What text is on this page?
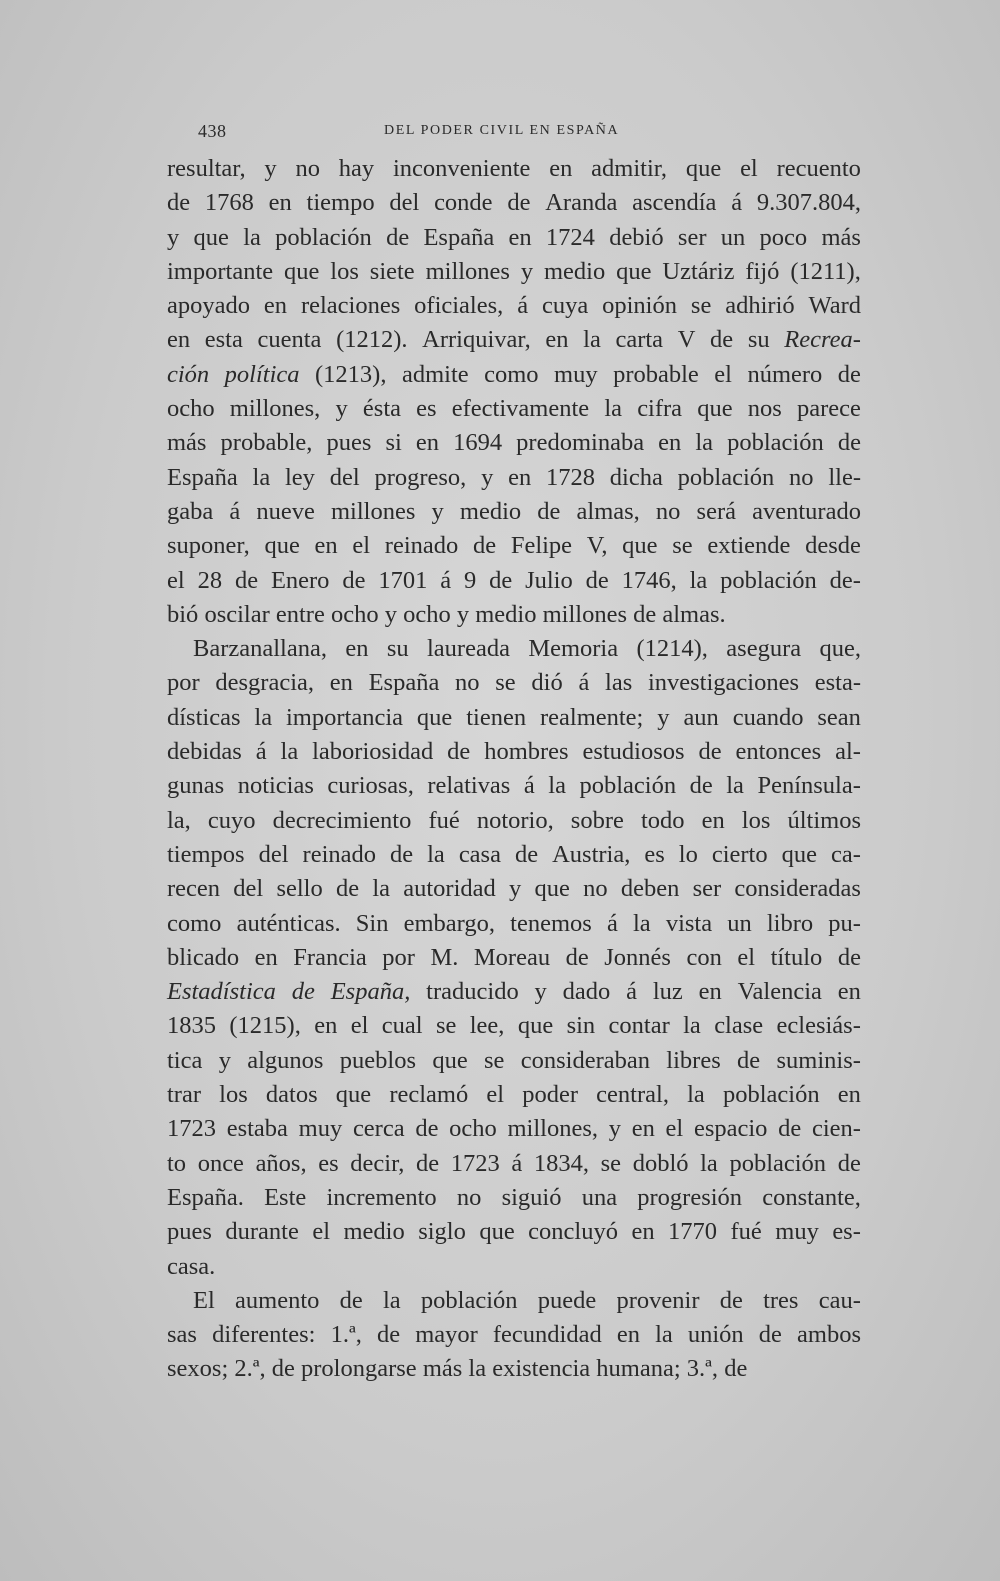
438	DEL PODER CIVIL EN ESPAÑA
resultar, y no hay inconveniente en admitir, que el recuento
de 1768 en tiempo del conde de Aranda ascendía á 9.307.804,
y que la población de España en 1724 debió ser un poco más
importante que los siete millones y medio que Uztáriz fijó (1211),
apoyado en relaciones oficiales, á cuya opinión se adhirió Ward
en esta cuenta (1212). Arriquivar, en la carta V de su Recrea-
ción política (1213), admite como muy probable el número de
ocho millones, y ésta es efectivamente la cifra que nos parece
más probable, pues si en 1694 predominaba en la población de
España la ley del progreso, y en 1728 dicha población no lle-
gaba á nueve millones y medio de almas, no será aventurado
suponer, que en el reinado de Felipe V, que se extiende desde
el 28 de Enero de 1701 á 9 de Julio de 1746, la población de-
bió
oscilar
entre
ocho
y
ocho
y
medio
millones
de
almas.
Barzanallana, en su laureada Memoria (1214), asegura que,
por desgracia, en España no se dió á las investigaciones esta-
dísticas la importancia que tienen realmente; y aun cuando sean
debidas á la laboriosidad de hombres estudiosos de entonces al-
gunas noticias curiosas, relativas á la población de la Península-
la, cuyo decrecimiento fué notorio, sobre todo en los últimos
tiempos del reinado de la casa de Austria, es lo cierto que ca-
recen del sello de la autoridad y que no deben ser consideradas
como auténticas. Sin embargo, tenemos á la vista un libro pu-
blicado en Francia por M. Moreau de Jonnés con el título de
Estadística de España, traducido y dado á luz en Valencia en
1835 (1215), en el cual se lee, que sin contar la clase eclesiás-
tica y algunos pueblos que se consideraban libres de suminis-
trar los datos que reclamó el poder central, la población en
1723 estaba muy cerca de ocho millones, y en el espacio de cien-
to once años, es decir, de 1723 á 1834, se dobló la población de
España. Este incremento no siguió una progresión constante,
pues durante el medio siglo que concluyó en 1770 fué muy es-
casa.
El aumento de la población puede provenir de tres cau-
sas diferentes: 1.ª, de mayor fecundidad en la unión de ambos
sexos;
2.ª,
de
prolongarse
más
la
existencia
humana;
3.ª,
de
